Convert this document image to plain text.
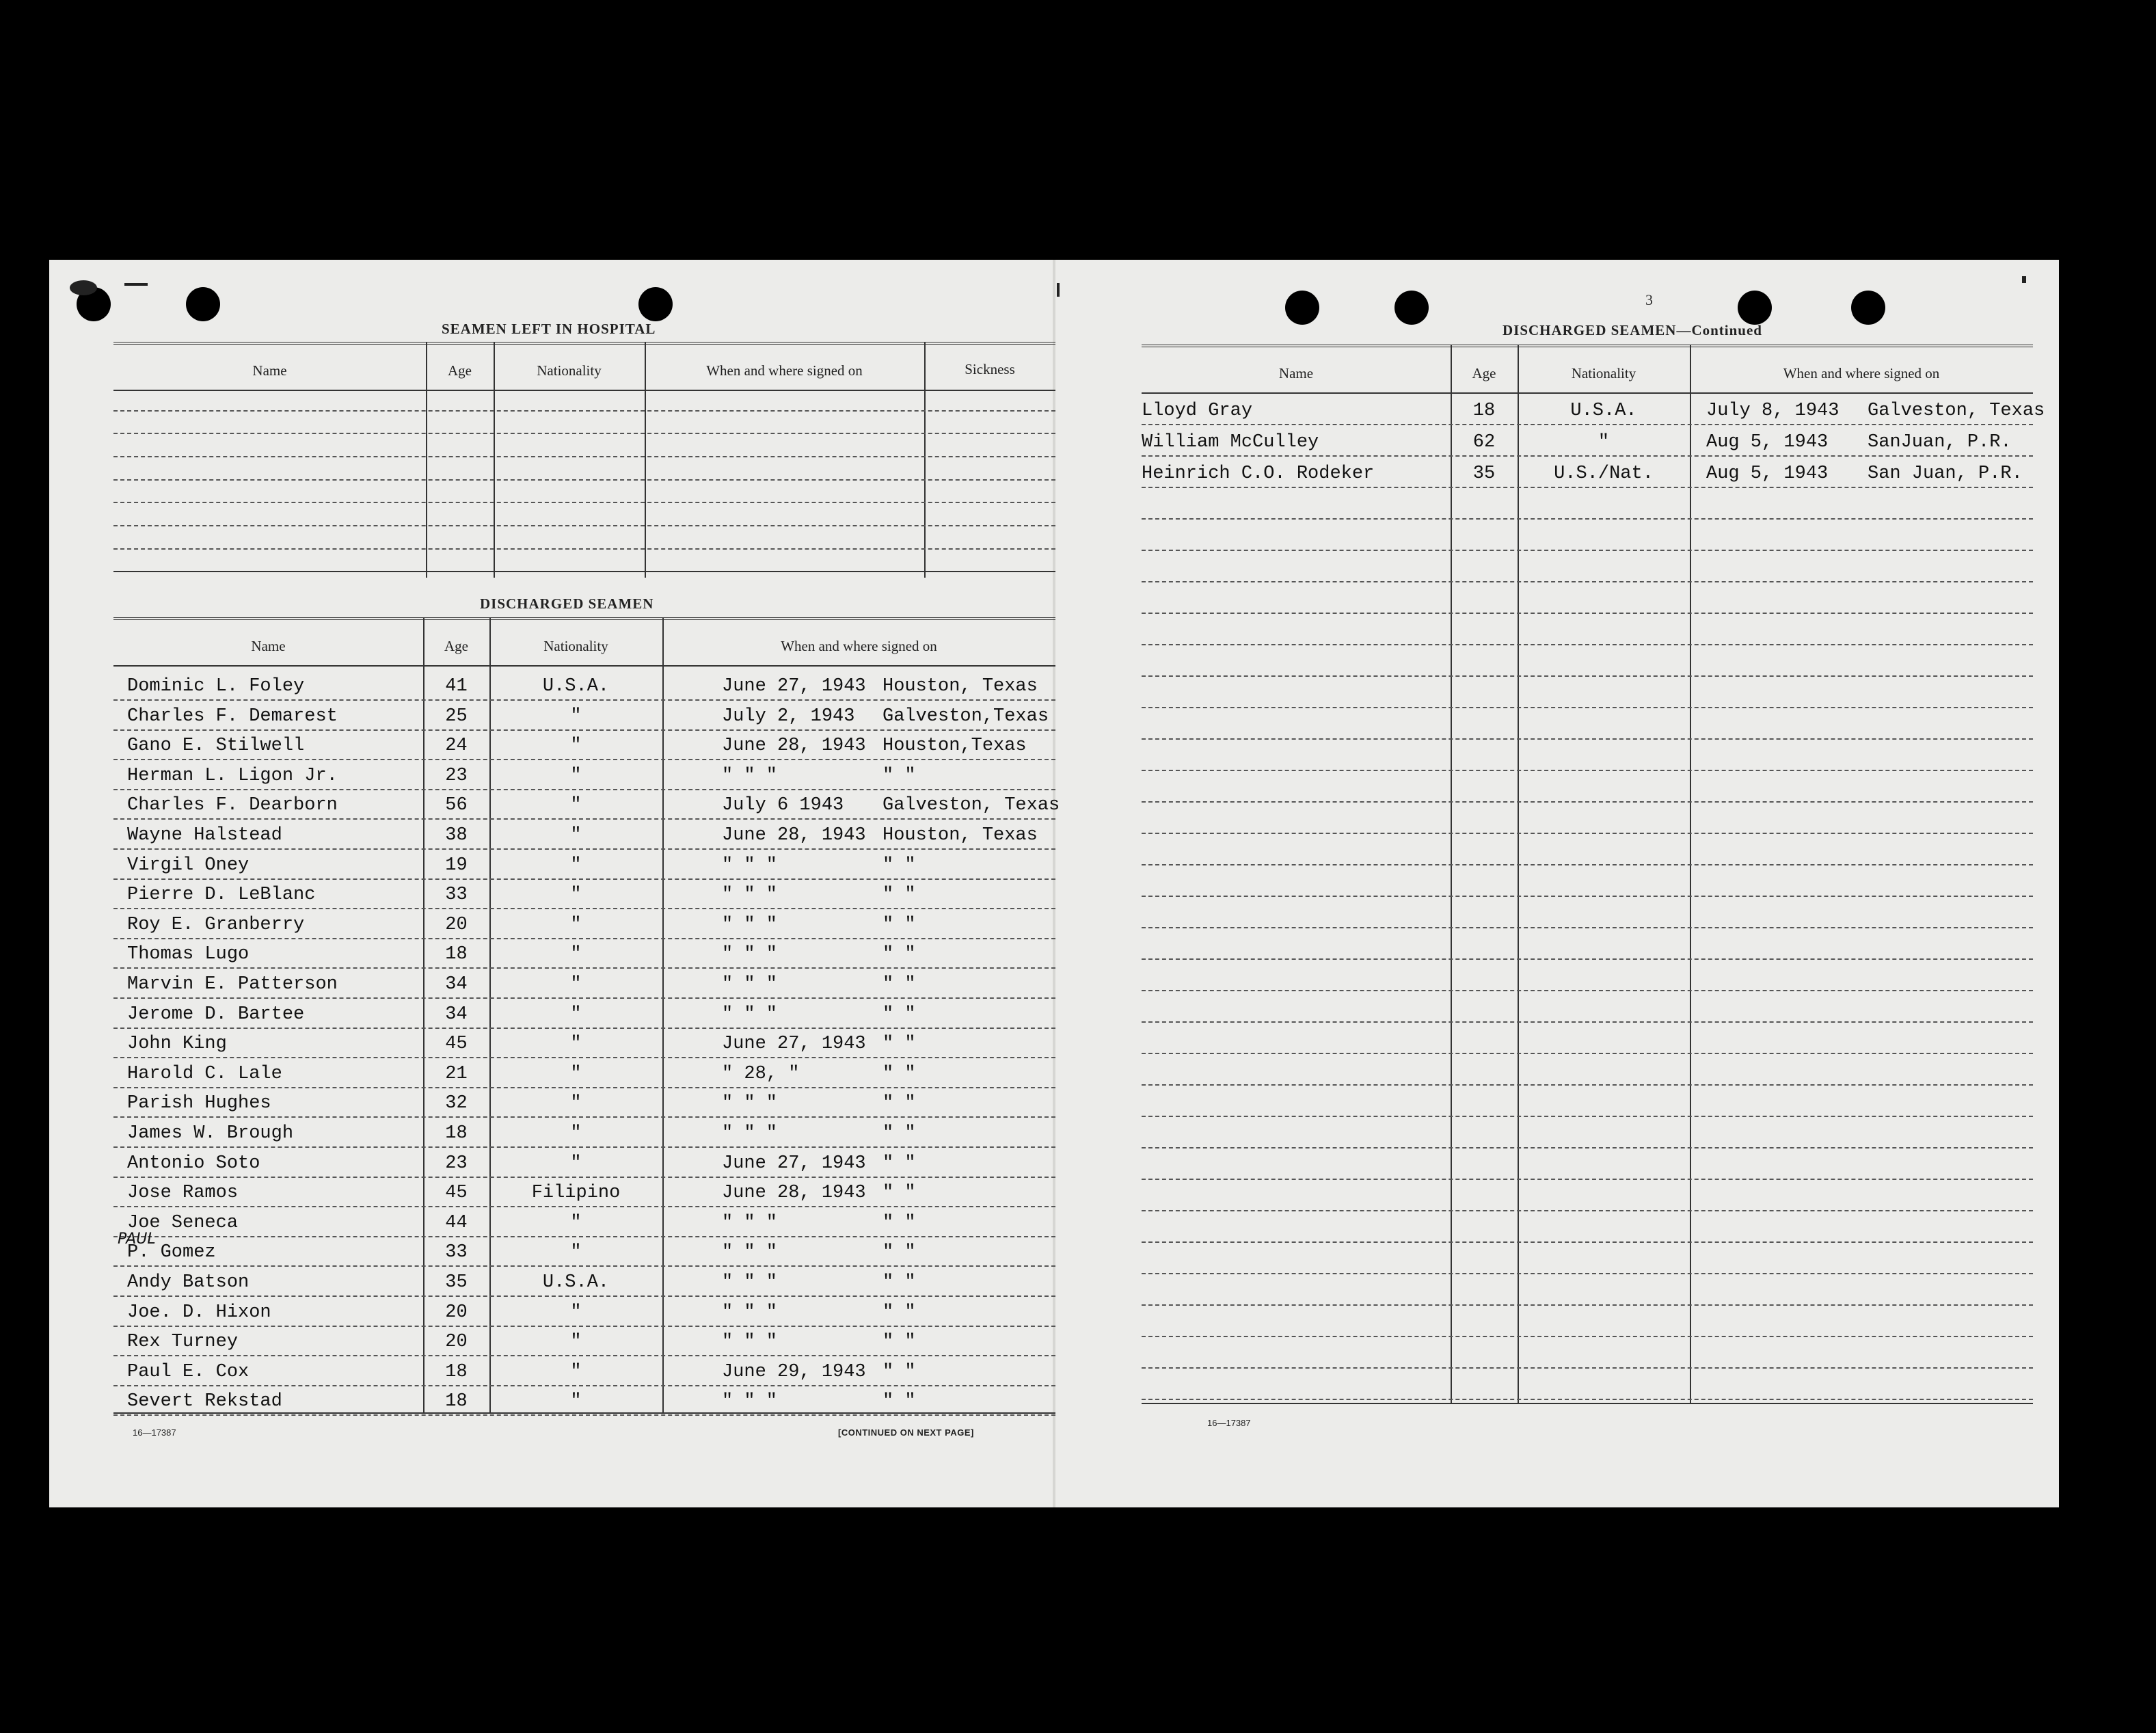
SEAMEN LEFT IN HOSPITAL
Name	Age	Nationality	When and where signed on	Sickness
DISCHARGED SEAMEN
Name	Age	Nationality	When and where signed on
Dominic L. Foley	41	U.S.A.	June 27, 1943 Houston, Texas
Charles F. Demarest	25	"	July 2, 1943 Galveston,Texas
Gano E. Stilwell	24	"	June 28, 1943 Houston,Texas
Herman L. Ligon Jr.	23	"	" " "	" "
Charles F. Dearborn	56	"	July 6 1943 Galveston, Texas
Wayne Halstead	38	"	June 28, 1943 Houston, Texas
Virgil Oney	19	"	" " "	" "
Pierre D. LeBlanc	33	"	" " "	" "
Roy E. Granberry	20	"	" " "	" "
Thomas Lugo	18	"	" " "	" "
Marvin E. Patterson	34	"	" " "	" "
Jerome D. Bartee	34	"	" " "	" "
John King	45	"	June 27, 1943 " "
Harold C. Lale	21	"	" 28, "	" "
Parish Hughes	32	"	" " "	" "
James W. Brough	18	"	" " "	" "
Antonio Soto	23	"	June 27, 1943 " "
Jose Ramos	45	Filipino	June 28, 1943 " "
Joe Seneca	44	"	" " "	" "
P. Gomez	33	"	" " "	" "
Andy Batson	35	U.S.A.	" " "	" "
Joe. D. Hixon	20	"	" " "	" "
Rex Turney	20	"	" " "	" "
Paul E. Cox	18	"	June 29, 1943 " "
Severt Rekstad	18	"	" " "	" "
PAUL
16—17387	[CONTINUED ON NEXT PAGE]
3
DISCHARGED SEAMEN—Continued
Name	Age	Nationality	When and where signed on
Lloyd Gray	18	U.S.A.	July 8, 1943 Galveston, Texas
William McCulley	62	"	Aug 5, 1943 SanJuan, P.R.
Heinrich C.O. Rodeker	35	U.S./Nat.	Aug 5, 1943 San Juan, P.R.
16—17387
